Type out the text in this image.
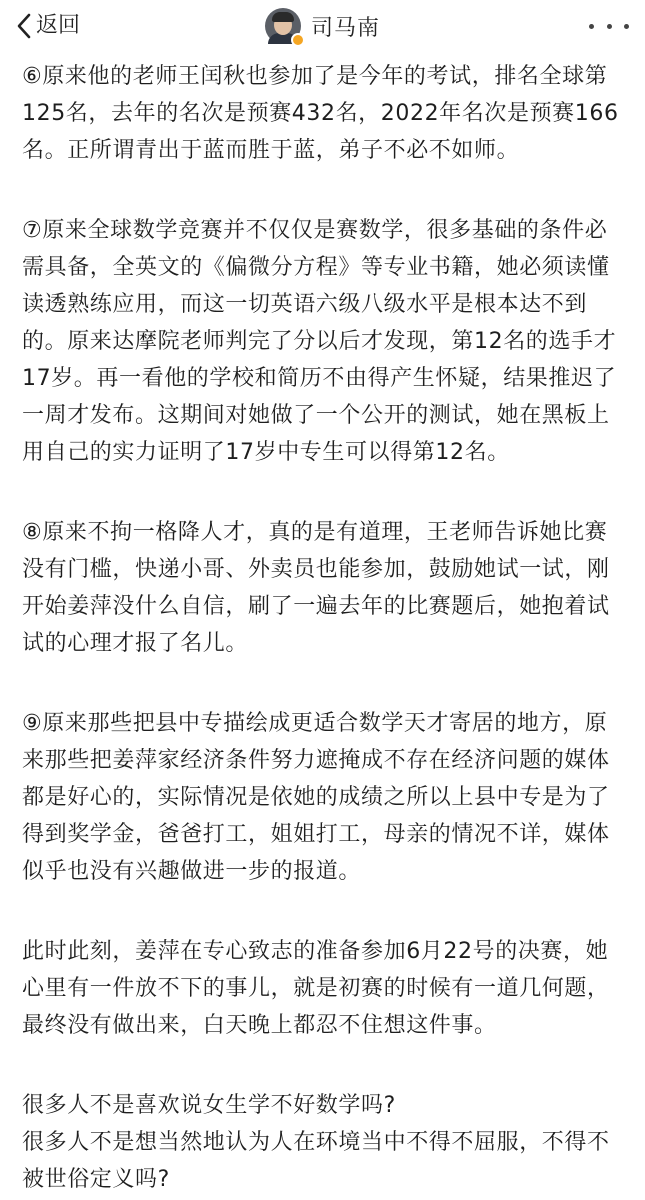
返回	司马南

⑥原来他的老师王闰秋也参加了是今年的考试，排名全球第125名，去年的名次是预赛432名，2022年名次是预赛166名。正所谓青出于蓝而胜于蓝，弟子不必不如师。

⑦原来全球数学竞赛并不仅仅是赛数学，很多基础的条件必需具备，全英文的《偏微分方程》等专业书籍，她必须读懂读透熟练应用，而这一切英语六级八级水平是根本达不到的。原来达摩院老师判完了分以后才发现，第12名的选手才17岁。再一看他的学校和简历不由得产生怀疑，结果推迟了一周才发布。这期间对她做了一个公开的测试，她在黑板上用自己的实力证明了17岁中专生可以得第12名。

⑧原来不拘一格降人才，真的是有道理，王老师告诉她比赛没有门槛，快递小哥、外卖员也能参加，鼓励她试一试，刚开始姜萍没什么自信，刷了一遍去年的比赛题后，她抱着试试的心理才报了名儿。

⑨原来那些把县中专描绘成更适合数学天才寄居的地方，原来那些把姜萍家经济条件努力遮掩成不存在经济问题的媒体都是好心的，实际情况是依她的成绩之所以上县中专是为了得到奖学金，爸爸打工，姐姐打工，母亲的情况不详，媒体似乎也没有兴趣做进一步的报道。

此时此刻，姜萍在专心致志的准备参加6月22号的决赛，她心里有一件放不下的事儿，就是初赛的时候有一道几何题，最终没有做出来，白天晚上都忍不住想这件事。

很多人不是喜欢说女生学不好数学吗?

很多人不是想当然地认为人在环境当中不得不屈服，不得不被世俗定义吗?
